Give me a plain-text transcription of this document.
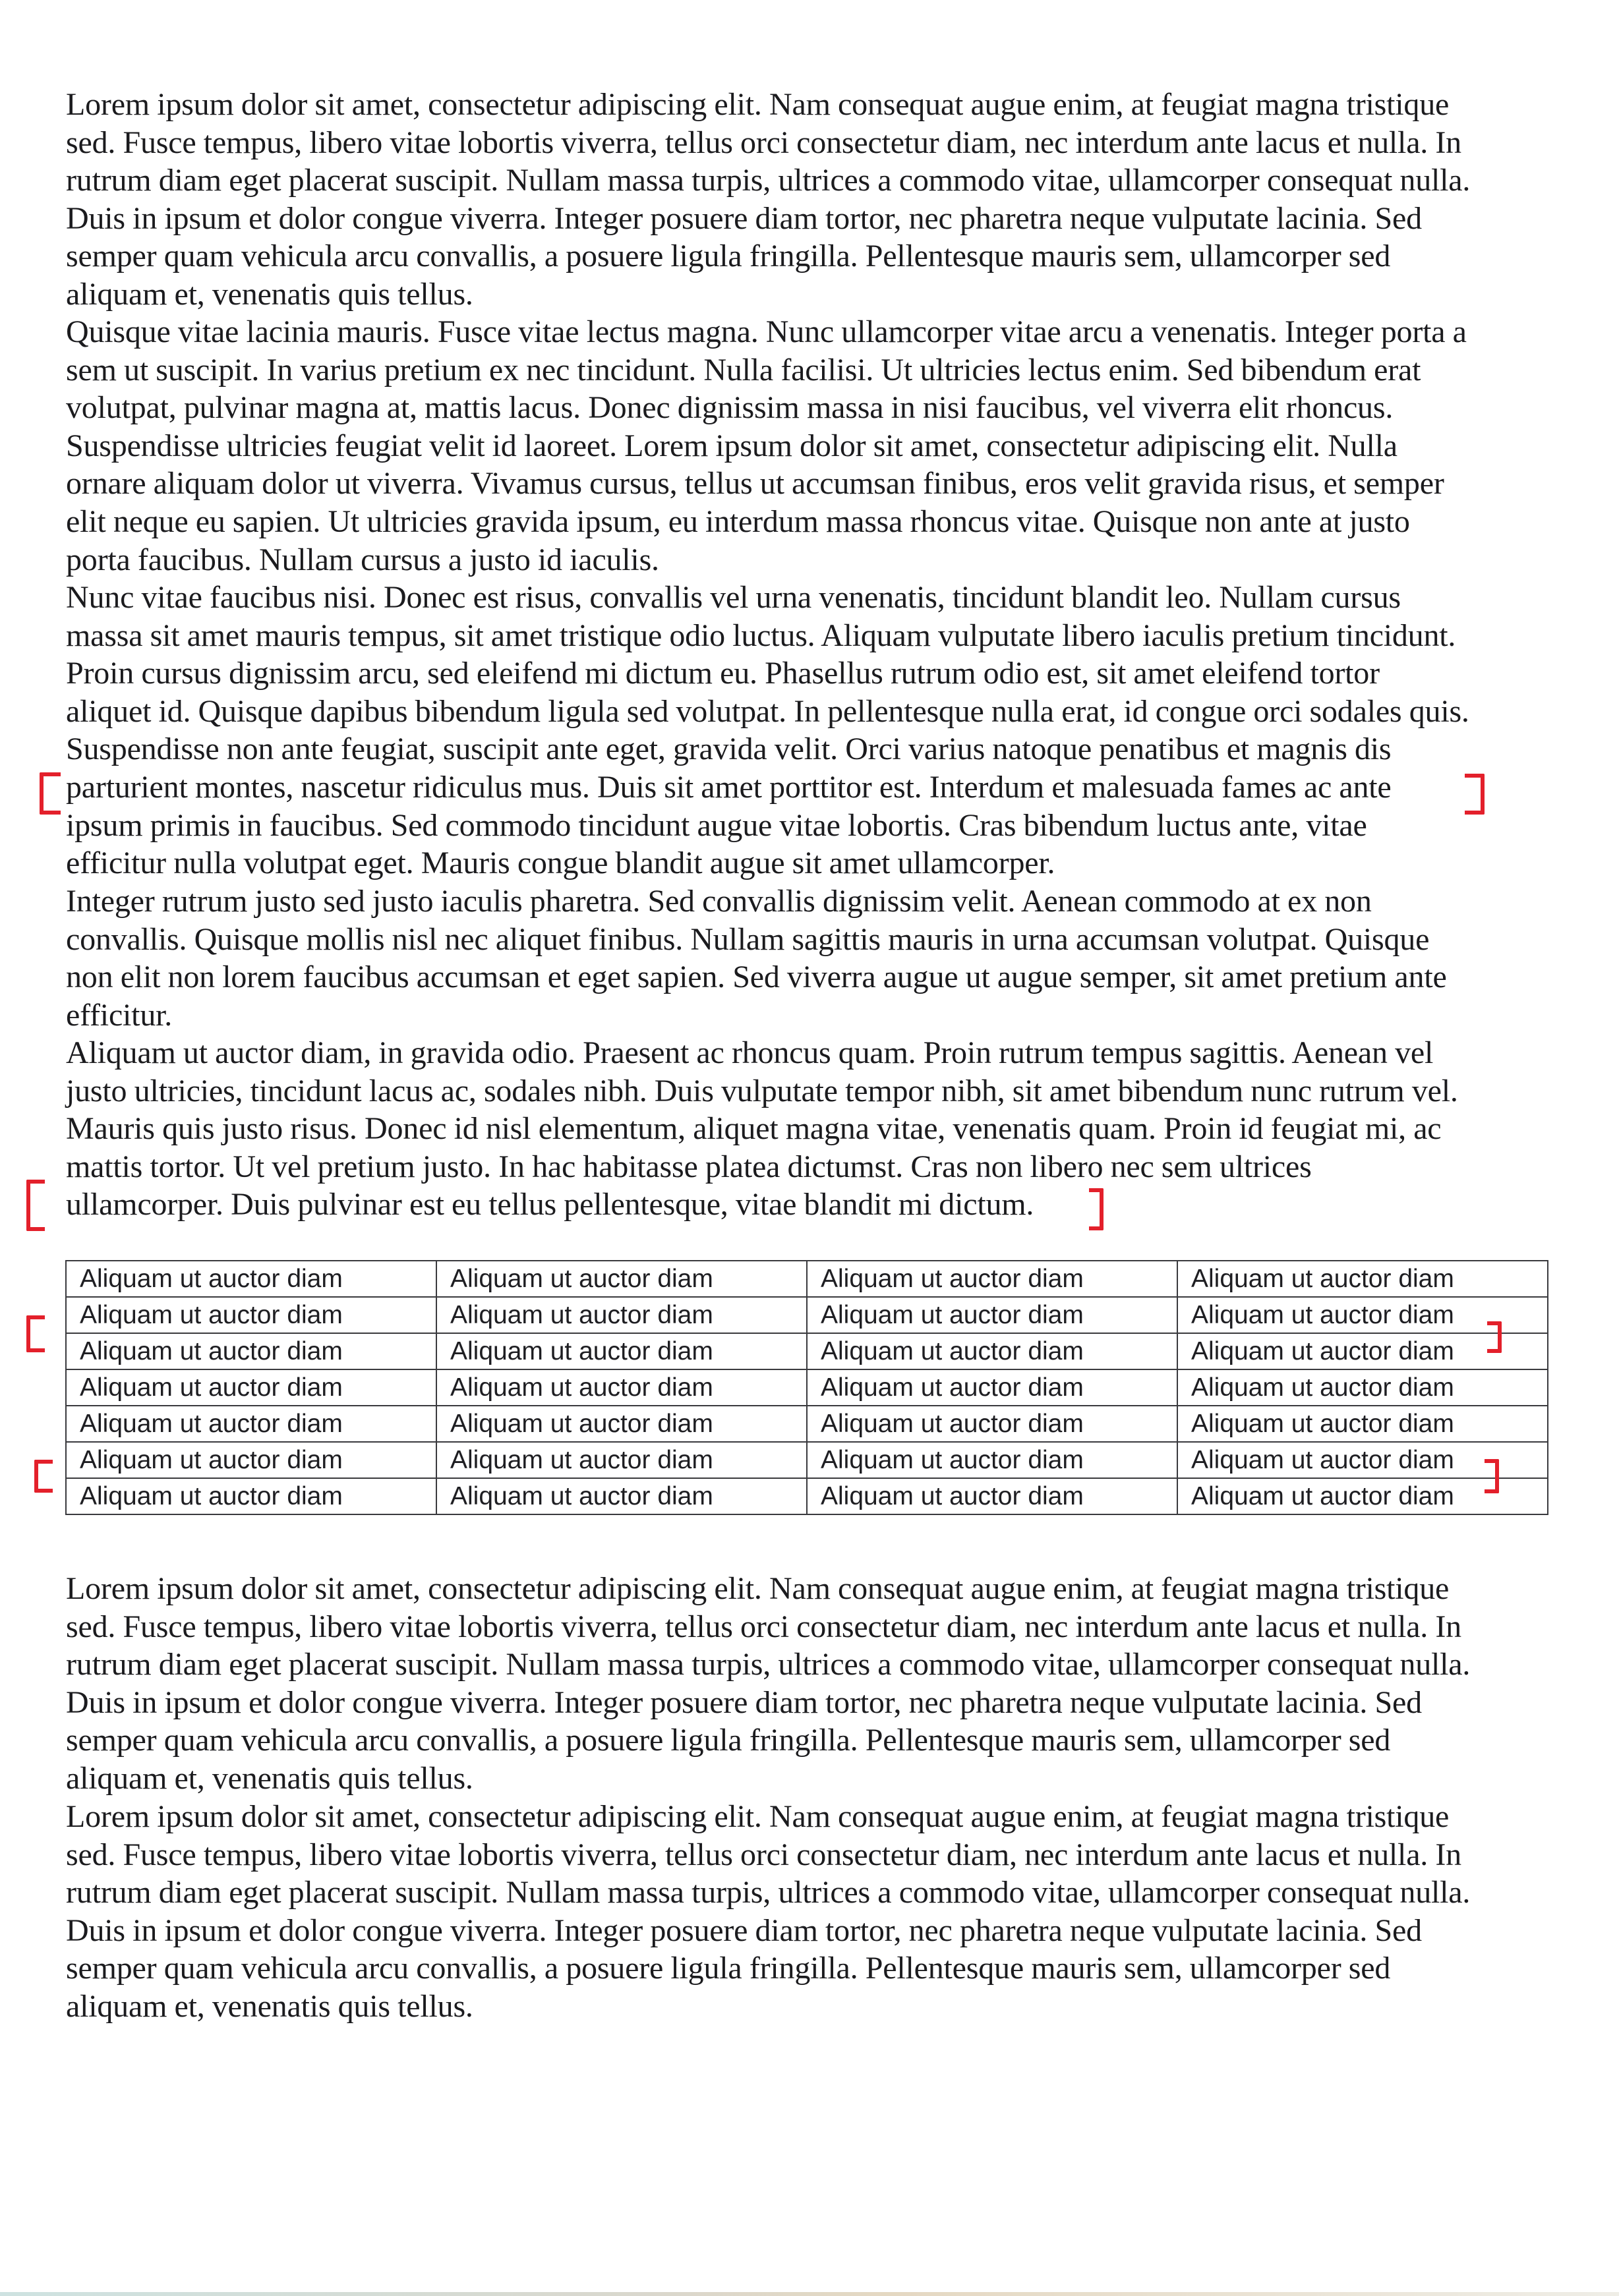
Lorem ipsum dolor sit amet, consectetur adipiscing elit. Nam consequat augue enim, at feugiat magna tristique
sed. Fusce tempus, libero vitae lobortis viverra, tellus orci consectetur diam, nec interdum ante lacus et nulla. In
rutrum diam eget placerat suscipit. Nullam massa turpis, ultrices a commodo vitae, ullamcorper consequat nulla.
Duis in ipsum et dolor congue viverra. Integer posuere diam tortor, nec pharetra neque vulputate lacinia. Sed
semper quam vehicula arcu convallis, a posuere ligula fringilla. Pellentesque mauris sem, ullamcorper sed
aliquam et, venenatis quis tellus.
Quisque vitae lacinia mauris. Fusce vitae lectus magna. Nunc ullamcorper vitae arcu a venenatis. Integer porta a
sem ut suscipit. In varius pretium ex nec tincidunt. Nulla facilisi. Ut ultricies lectus enim. Sed bibendum erat
volutpat, pulvinar magna at, mattis lacus. Donec dignissim massa in nisi faucibus, vel viverra elit rhoncus.
Suspendisse ultricies feugiat velit id laoreet. Lorem ipsum dolor sit amet, consectetur adipiscing elit. Nulla
ornare aliquam dolor ut viverra. Vivamus cursus, tellus ut accumsan finibus, eros velit gravida risus, et semper
elit neque eu sapien. Ut ultricies gravida ipsum, eu interdum massa rhoncus vitae. Quisque non ante at justo
porta faucibus. Nullam cursus a justo id iaculis.
Nunc vitae faucibus nisi. Donec est risus, convallis vel urna venenatis, tincidunt blandit leo. Nullam cursus
massa sit amet mauris tempus, sit amet tristique odio luctus. Aliquam vulputate libero iaculis pretium tincidunt.
Proin cursus dignissim arcu, sed eleifend mi dictum eu. Phasellus rutrum odio est, sit amet eleifend tortor
aliquet id. Quisque dapibus bibendum ligula sed volutpat. In pellentesque nulla erat, id congue orci sodales quis.
Suspendisse non ante feugiat, suscipit ante eget, gravida velit. Orci varius natoque penatibus et magnis dis
parturient montes, nascetur ridiculus mus. Duis sit amet porttitor est. Interdum et malesuada fames ac ante
ipsum primis in faucibus. Sed commodo tincidunt augue vitae lobortis. Cras bibendum luctus ante, vitae
efficitur nulla volutpat eget. Mauris congue blandit augue sit amet ullamcorper.
Integer rutrum justo sed justo iaculis pharetra. Sed convallis dignissim velit. Aenean commodo at ex non
convallis. Quisque mollis nisl nec aliquet finibus. Nullam sagittis mauris in urna accumsan volutpat. Quisque
non elit non lorem faucibus accumsan et eget sapien. Sed viverra augue ut augue semper, sit amet pretium ante
efficitur.
Aliquam ut auctor diam, in gravida odio. Praesent ac rhoncus quam. Proin rutrum tempus sagittis. Aenean vel
justo ultricies, tincidunt lacus ac, sodales nibh. Duis vulputate tempor nibh, sit amet bibendum nunc rutrum vel.
Mauris quis justo risus. Donec id nisl elementum, aliquet magna vitae, venenatis quam. Proin id feugiat mi, ac
mattis tortor. Ut vel pretium justo. In hac habitasse platea dictumst. Cras non libero nec sem ultrices
ullamcorper. Duis pulvinar est eu tellus pellentesque, vitae blandit mi dictum.
Aliquam ut auctor diam	Aliquam ut auctor diam	Aliquam ut auctor diam	Aliquam ut auctor diam
Aliquam ut auctor diam	Aliquam ut auctor diam	Aliquam ut auctor diam	Aliquam ut auctor diam
Aliquam ut auctor diam	Aliquam ut auctor diam	Aliquam ut auctor diam	Aliquam ut auctor diam
Aliquam ut auctor diam	Aliquam ut auctor diam	Aliquam ut auctor diam	Aliquam ut auctor diam
Aliquam ut auctor diam	Aliquam ut auctor diam	Aliquam ut auctor diam	Aliquam ut auctor diam
Aliquam ut auctor diam	Aliquam ut auctor diam	Aliquam ut auctor diam	Aliquam ut auctor diam
Aliquam ut auctor diam	Aliquam ut auctor diam	Aliquam ut auctor diam	Aliquam ut auctor diam
Lorem ipsum dolor sit amet, consectetur adipiscing elit. Nam consequat augue enim, at feugiat magna tristique
sed. Fusce tempus, libero vitae lobortis viverra, tellus orci consectetur diam, nec interdum ante lacus et nulla. In
rutrum diam eget placerat suscipit. Nullam massa turpis, ultrices a commodo vitae, ullamcorper consequat nulla.
Duis in ipsum et dolor congue viverra. Integer posuere diam tortor, nec pharetra neque vulputate lacinia. Sed
semper quam vehicula arcu convallis, a posuere ligula fringilla. Pellentesque mauris sem, ullamcorper sed
aliquam et, venenatis quis tellus.
Lorem ipsum dolor sit amet, consectetur adipiscing elit. Nam consequat augue enim, at feugiat magna tristique
sed. Fusce tempus, libero vitae lobortis viverra, tellus orci consectetur diam, nec interdum ante lacus et nulla. In
rutrum diam eget placerat suscipit. Nullam massa turpis, ultrices a commodo vitae, ullamcorper consequat nulla.
Duis in ipsum et dolor congue viverra. Integer posuere diam tortor, nec pharetra neque vulputate lacinia. Sed
semper quam vehicula arcu convallis, a posuere ligula fringilla. Pellentesque mauris sem, ullamcorper sed
aliquam et, venenatis quis tellus.
